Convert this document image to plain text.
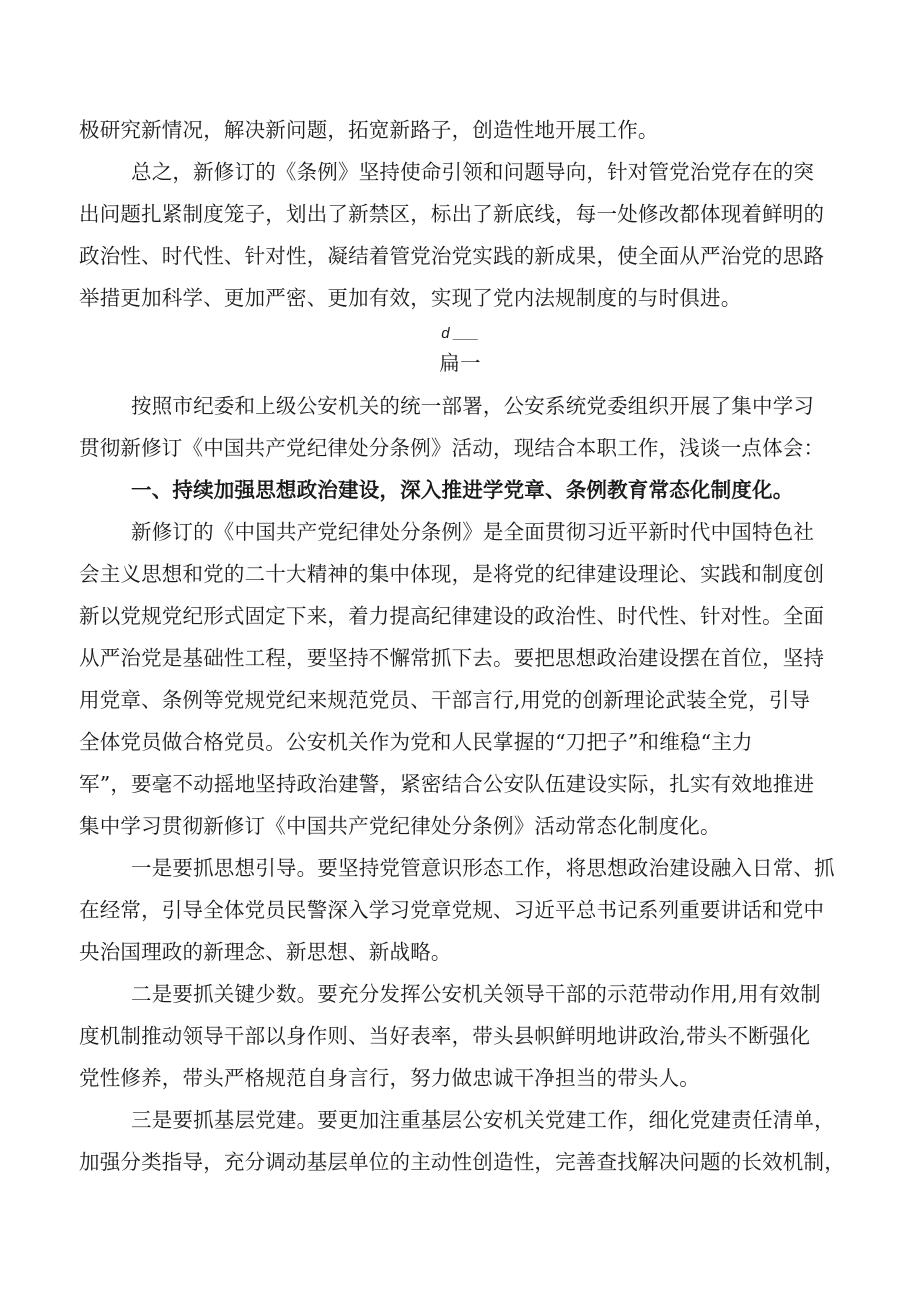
极研究新情况，解决新问题，拓宽新路子，创造性地开展工作。
总之，新修订的《条例》坚持使命引领和问题导向，针对管党治党存在的突
出问题扎紧制度笼子，划出了新禁区，标出了新底线，每一处修改都体现着鲜明的
政治性、时代性、针对性，凝结着管党治党实践的新成果，使全面从严治党的思路
举措更加科学、更加严密、更加有效，实现了党内法规制度的与时俱进。
d ___
扁一
按照市纪委和上级公安机关的统一部署，公安系统党委组织开展了集中学习
贯彻新修订《中国共产党纪律处分条例》活动，现结合本职工作，浅谈一点体会：
一、持续加强思想政治建设，深入推进学党章、条例教育常态化制度化。
新修订的《中国共产党纪律处分条例》是全面贯彻习近平新时代中国特色社
会主义思想和党的二十大精神的集中体现，是将党的纪律建设理论、实践和制度创
新以党规党纪形式固定下来，着力提高纪律建设的政治性、时代性、针对性。全面
从严治党是基础性工程，要坚持不懈常抓下去。要把思想政治建设摆在首位，坚持
用党章、条例等党规党纪来规范党员、干部言行,用党的创新理论武装全党，引导
全体党员做合格党员。公安机关作为党和人民掌握的“刀把子”和维稳“主力
军”，要毫不动摇地坚持政治建警，紧密结合公安队伍建设实际，扎实有效地推进
集中学习贯彻新修订《中国共产党纪律处分条例》活动常态化制度化。
一是要抓思想引导。要坚持党管意识形态工作，将思想政治建设融入日常、抓
在经常，引导全体党员民警深入学习党章党规、习近平总书记系列重要讲话和党中
央治国理政的新理念、新思想、新战略。
二是要抓关键少数。要充分发挥公安机关领导干部的示范带动作用,用有效制
度机制推动领导干部以身作则、当好表率，带头县帜鲜明地讲政治,带头不断强化
党性修养，带头严格规范自身言行，努力做忠诚干净担当的带头人。
三是要抓基层党建。要更加注重基层公安机关党建工作，细化党建责任清单，
加强分类指导，充分调动基层单位的主动性创造性，完善查找解决问题的长效机制，
